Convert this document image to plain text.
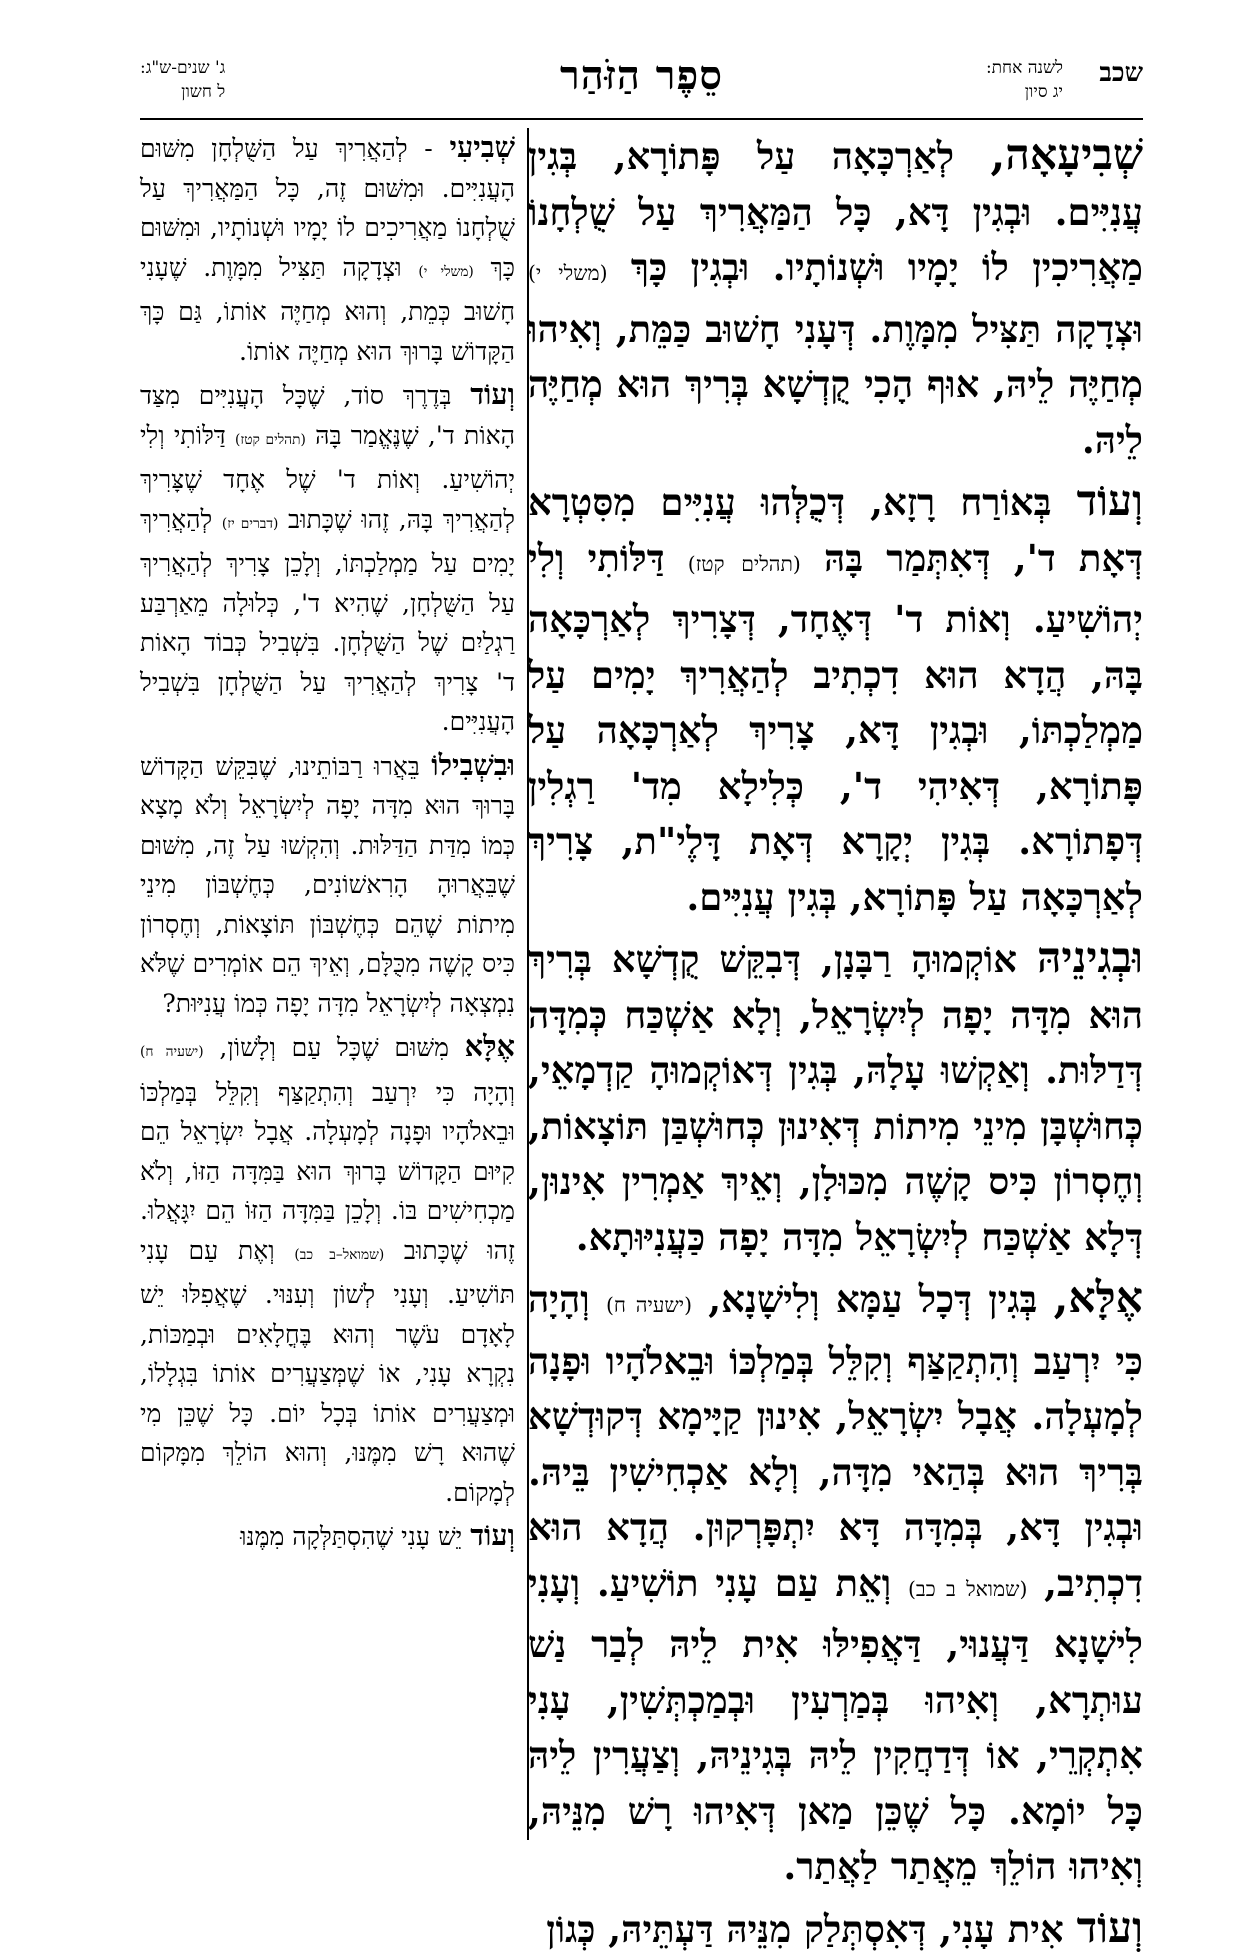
שכב
לשנה אחת:
יג סיון
סֵפֶר הַזֹּהַר
ג' שנים-ש"ג:
ל חשון

שְׁבִיעָאָה, לְאַרְכָּאָה עַל פָּתוֹרָא, בְּגִין עֲנִיִּים. וּבְגִין דָּא, כָּל הַמַּאֲרִיךְ עַל שֻׁלְחָנוֹ מַאֲרִיכִין לוֹ יָמָיו וּשְׁנוֹתָיו. וּבְגִין כָּךְ (משלי י) וּצְדָקָה תַּצִּיל מִמָּוֶת. דְּעָנִי חָשׁוּב כַּמֵּת, וְאִיהוּ מְחַיֶּה לֵיהּ, אוּף הָכִי קֻדְשָׁא בְּרִיךְ הוּא מְחַיֶּה לֵיהּ.

וְעוֹד בְּאוֹרַח רָזָא, דְּכֻלְּהוּ עֲנִיִּים מִסִּטְרָא דְּאָת ד', דְּאִתְּמַר בָּהּ (תהלים קטז) דַּלּוֹתִי וְלִי יְהוֹשִׁיעַ. וְאוֹת ד' דְּאֶחָד, דְּצָרִיךְ לְאַרְכָּאָה בָּהּ, הֲדָא הוּא דִכְתִיב לְהַאֲרִיךְ יָמִים עַל מַמְלַכְתּוֹ, וּבְגִין דָּא, צָרִיךְ לְאַרְכָּאָה עַל פָּתוֹרָא, דְּאִיהִי ד', כְּלִילָא מִד' רַגְלִין דְּפָתוֹרָא. בְּגִין יְקָרָא דְּאָת דָּלֶי"ת, צָרִיךְ לְאַרְכָּאָה עַל פָּתוֹרָא, בְּגִין עֲנִיִּים.

וּבְגִינֵיהּ אוֹקְמוּהָ רַבָּנָן, דְּבִקֵּשׁ קֻדְשָׁא בְּרִיךְ הוּא מִדָּה יָפָה לְיִשְׂרָאֵל, וְלָא אַשְׁכַּח כְּמִדָּה דְּדַלּוּת. וְאַקְשׁוּ עָלָהּ, בְּגִין דְּאוֹקְמוּהָ קַדְמָאֵי, כְּחוּשְׁבָּן מִינֵי מִיתוֹת דְּאִינוּן כְּחוּשְׁבַּן תּוֹצָאוֹת, וְחֶסְרוֹן כִּיס קָשֶׁה מִכּוּלָן, וְאֵיךְ אַמְרִין אִינוּן, דְּלָא אַשְׁכַּח לְיִשְׂרָאֵל מִדָּה יָפָה כַּעֲנִיּוּתָא.

אֶלָּא, בְּגִין דְּכָל עַמָּא וְלִישָׁנָא, (ישעיה ח) וְהָיָה כִּי יִרְעַב וְהִתְקַצַּף וְקִלֵּל בְּמַלְכּוֹ וּבֵאלֹהָיו וּפָנָה לְמָעְלָה. אֲבָל יִשְׂרָאֵל, אִינוּן קַיָּימָא דְּקוּדְשָׁא בְּרִיךְ הוּא בְּהַאי מִדָּה, וְלָא אַכְחִישִׁין בֵּיהּ. וּבְגִין דָּא, בְּמִדָּה דָּא יִתְפָּרְקוּן. הֲדָא הוּא דִכְתִיב, (שמואל ב כב) וְאֵת עַם עָנִי תוֹשִׁיעַ. וְעָנִי לִישָׁנָא דַּעֲנוּי, דַּאֲפִילּוּ אִית לֵיהּ לְבַר נַשׁ עוּתְרָא, וְאִיהוּ בְּמַרְעִין וּבְמַכְתְּשִׁין, עָנִי אִתְקְרֵי, אוֹ דְּדַחֲקִין לֵיהּ בְּגִינֵיהּ, וְצַעֲרִין לֵיהּ כָּל יוֹמָא. כָּל שֶׁכֵּן מַאן דְּאִיהוּ רָשׁ מִנֵּיהּ, וְאִיהוּ הוֹלֵךְ מֵאֲתַר לַאֲתַר.

וְעוֹד אִית עָנִי, דְּאִסְתְּלַק מִנֵּיהּ דַּעְתֵּיהּ, כְּגוֹן

שְׁבִיעִי - לְהַאֲרִיךְ עַל הַשֻּׁלְחָן מִשּׁוּם הָעֲנִיִּים. וּמִשּׁוּם זֶה, כָּל הַמַּאֲרִיךְ עַל שֻׁלְחָנוֹ מַאֲרִיכִים לוֹ יָמָיו וּשְׁנוֹתָיו, וּמִשּׁוּם כָּךְ (משלי י) וּצְדָקָה תַּצִּיל מִמָּוֶת. שֶׁעָנִי חָשׁוּב כְּמֵת, וְהוּא מְחַיֶּה אוֹתוֹ, גַּם כָּךְ הַקָּדוֹשׁ בָּרוּךְ הוּא מְחַיֶּה אוֹתוֹ.

וְעוֹד בְּדֶרֶךְ סוֹד, שֶׁכָּל הָעֲנִיִּים מִצַּד הָאוֹת ד', שֶׁנֶּאֱמַר בָּהּ (תהלים קטז) דַּלּוֹתִי וְלִי יְהוֹשִׁיעַ. וְאוֹת ד' שֶׁל אֶחָד שֶׁצָּרִיךְ לְהַאֲרִיךְ בָּהּ, זֶהוּ שֶׁכָּתוּב (דברים יז) לְהַאֲרִיךְ יָמִים עַל מַמְלַכְתּוֹ, וְלָכֵן צָרִיךְ לְהַאֲרִיךְ עַל הַשֻּׁלְחָן, שֶׁהִיא ד', כְּלוּלָה מֵאַרְבַּע רַגְלַיִם שֶׁל הַשֻּׁלְחָן. בִּשְׁבִיל כְּבוֹד הָאוֹת ד' צָרִיךְ לְהַאֲרִיךְ עַל הַשֻּׁלְחָן בִּשְׁבִיל הָעֲנִיִּים.

וּבִשְׁבִילוֹ בֵּאֲרוּ רַבּוֹתֵינוּ, שֶׁבִּקֵּשׁ הַקָּדוֹשׁ בָּרוּךְ הוּא מִדָּה יָפָה לְיִשְׂרָאֵל וְלֹא מָצָא כְּמוֹ מִדַּת הַדַּלּוּת. וְהִקְשׁוּ עַל זֶה, מִשּׁוּם שֶׁבֵּאֲרוּהָ הָרִאשׁוֹנִים, כְּחֶשְׁבּוֹן מִינֵי מִיתוֹת שֶׁהֵם כְּחֶשְׁבּוֹן תּוֹצָאוֹת, וְחֶסְרוֹן כִּיס קָשֶׁה מִכֻּלָּם, וְאֵיךְ הֵם אוֹמְרִים שֶׁלֹּא נִמְצְאָה לְיִשְׂרָאֵל מִדָּה יָפָה כְּמוֹ עֲנִיּוּת?

אֶלָּא מִשּׁוּם שֶׁכָּל עַם וְלָשׁוֹן, (ישעיה ח) וְהָיָה כִּי יִרְעַב וְהִתְקַצַּף וְקִלֵּל בְּמַלְכּוֹ וּבֵאלֹהָיו וּפָנָה לְמָעְלָה. אֲבָל יִשְׂרָאֵל הֵם קִיּוּם הַקָּדוֹשׁ בָּרוּךְ הוּא בַּמִּדָּה הַזּוֹ, וְלֹא מַכְחִישִׁים בּוֹ. וְלָכֵן בַּמִּדָּה הַזּוֹ הֵם יִגָּאֲלוּ. זֶהוּ שֶׁכָּתוּב (שמואל–ב כב) וְאֶת עַם עָנִי תּוֹשִׁיעַ. וְעָנִי לְשׁוֹן וְעִנּוּי. שֶׁאֲפִלּוּ יֵשׁ לָאָדָם עֹשֶׁר וְהוּא בֶּחֳלָאִים וּבְמַכּוֹת, נִקְרָא עָנִי, אוֹ שֶׁמְּצַעֲרִים אוֹתוֹ בִּגְלָלוֹ, וּמְצַעֲרִים אוֹתוֹ בְּכָל יוֹם. כָּל שֶׁכֵּן מִי שֶׁהוּא רָשׁ מִמֶּנּוּ, וְהוּא הוֹלֵךְ מִמָּקוֹם לְמָקוֹם.

וְעוֹד יֵשׁ עָנִי שֶׁהִסְתַּלְּקָה מִמֶּנּוּ
